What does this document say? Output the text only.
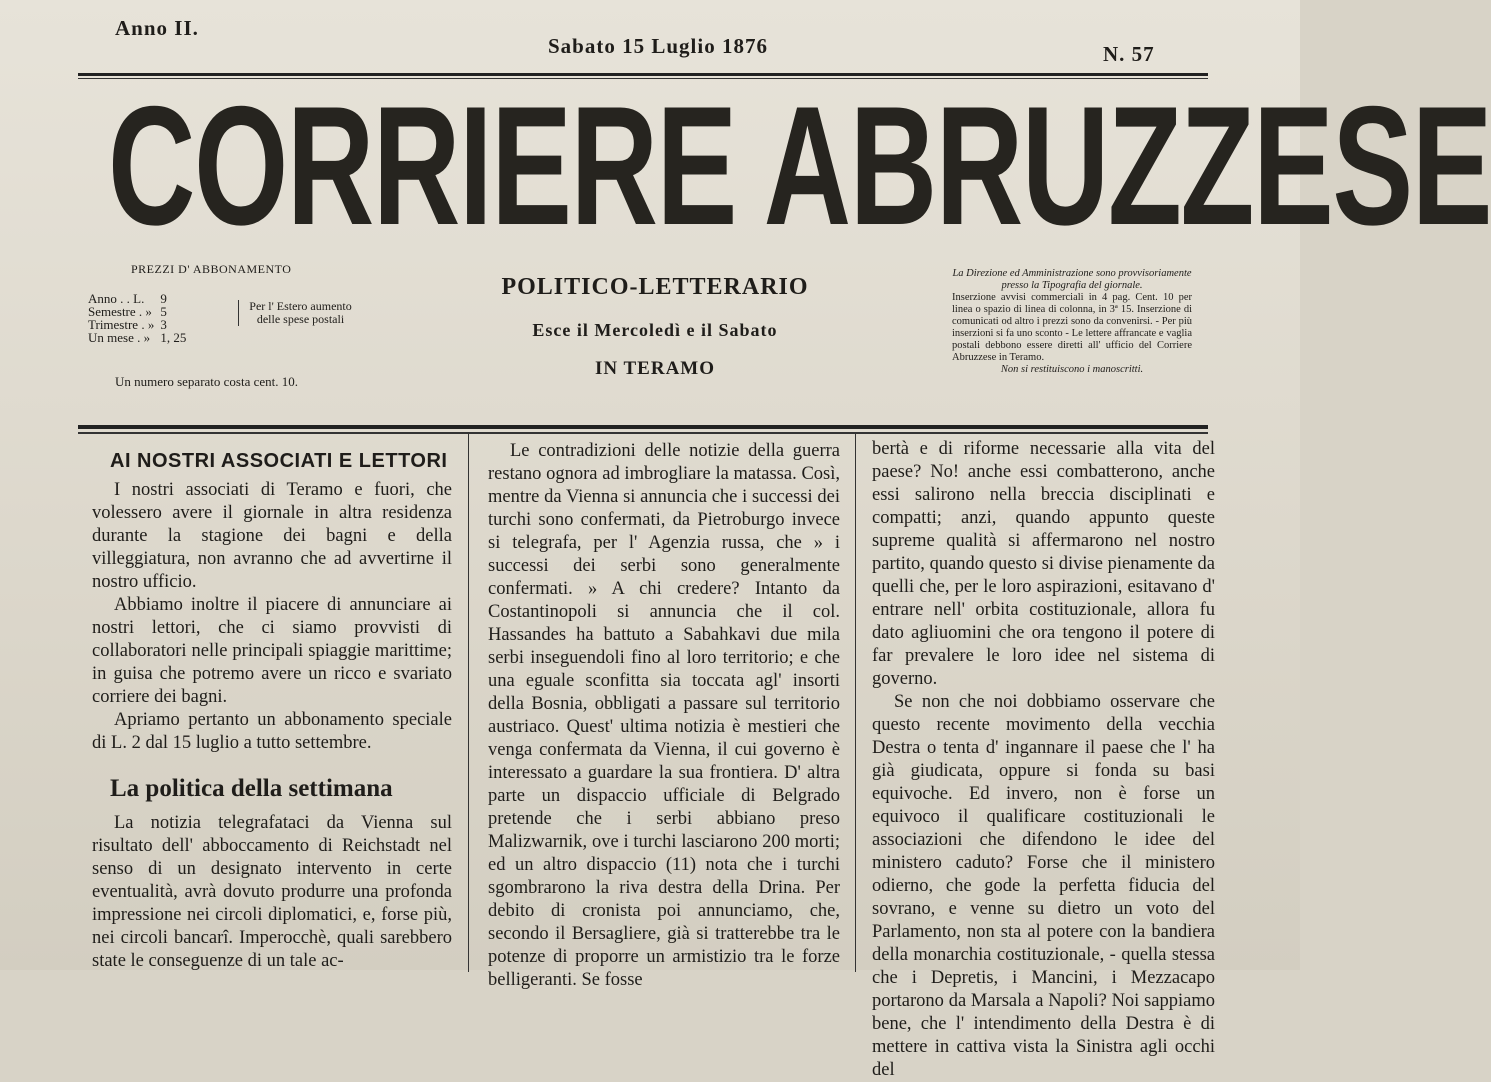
Anno II.
Sabato 15 Luglio 1876	N. 57
CORRIERE ABRUZZESE
POLITICO-LETTERARIO
Esce il Mercoledì e il Sabato
IN TERAMO
PREZZI D' ABBONAMENTO
Anno . . L.	9
Semestre . »	5
Trimestre . »	3
Un mese . »	1, 25
Per l' Estero aumento delle spese postali
Un numero separato costa cent. 10.
La Direzione ed Amministrazione sono provvisoriamente presso la Tipografia del giornale.
Inserzione avvisi commerciali in 4 pag. Cent. 10 per linea o spazio di linea di colonna, in 3ª 15. Inserzione di comunicati od altro i prezzi sono da convenirsi. - Per più inserzioni si fa uno sconto - Le lettere affrancate e vaglia postali debbono essere diretti all' ufficio del Corriere Abruzzese in Teramo.
Non si restituiscono i manoscritti.
AI NOSTRI ASSOCIATI E LETTORI

I nostri associati di Teramo e fuori, che volessero avere il giornale in altra residenza durante la stagione dei bagni e della villeggiatura, non avranno che ad avvertirne il nostro ufficio.

Abbiamo inoltre il piacere di annunciare ai nostri lettori, che ci siamo provvisti di collaboratori nelle principali spiaggie marittime; in guisa che potremo avere un ricco e svariato corriere dei bagni.

Apriamo pertanto un abbonamento speciale di L. 2 dal 15 luglio a tutto settembre.

La politica della settimana

La notizia telegrafataci da Vienna sul risultato dell' abboccamento di Reichstadt nel senso di un designato intervento in certe eventualità, avrà dovuto produrre una profonda impressione nei circoli diplomatici, e, forse più, nei circoli bancarî. Imperocchè, quali sarebbero state le conseguenze di un tale ac-

Le contradizioni delle notizie della guerra restano ognora ad imbrogliare la matassa. Così, mentre da Vienna si annuncia che i successi dei turchi sono confermati, da Pietroburgo invece si telegrafa, per l' Agenzia russa, che » i successi dei serbi sono generalmente confermati. » A chi credere? Intanto da Costantinopoli si annuncia che il col. Hassandes ha battuto a Sabahkavi due mila serbi inseguendoli fino al loro territorio; e che una eguale sconfitta sia toccata agl' insorti della Bosnia, obbligati a passare sul territorio austriaco. Quest' ultima notizia è mestieri che venga confermata da Vienna, il cui governo è interessato a guardare la sua frontiera. D' altra parte un dispaccio ufficiale di Belgrado pretende che i serbi abbiano preso Malizwarnik, ove i turchi lasciarono 200 morti; ed un altro dispaccio (11) nota che i turchi sgombrarono la riva destra della Drina. Per debito di cronista poi annunciamo, che, secondo il Bersagliere, già si tratterebbe tra le potenze di proporre un armistizio tra le forze belligeranti. Se fosse

bertà e di riforme necessarie alla vita del paese? No! anche essi combatterono, anche essi salirono nella breccia disciplinati e compatti; anzi, quando appunto queste supreme qualità si affermarono nel nostro partito, quando questo si divise pienamente da quelli che, per le loro aspirazioni, esitavano d' entrare nell' orbita costituzionale, allora fu dato agliuomini che ora tengono il potere di far prevalere le loro idee nel sistema di governo.

Se non che noi dobbiamo osservare che questo recente movimento della vecchia Destra o tenta d' ingannare il paese che l' ha già giudicata, oppure si fonda su basi equivoche. Ed invero, non è forse un equivoco il qualificare costituzionali le associazioni che difendono le idee del ministero caduto? Forse che il ministero odierno, che gode la perfetta fiducia del sovrano, e venne su dietro un voto del Parlamento, non sta al potere con la bandiera della monarchia costituzionale, - quella stessa che i Depretis, i Mancini, i Mezzacapo portarono da Marsala a Napoli? Noi sappiamo bene, che l' intendimento della Destra è di mettere in cattiva vista la Sinistra agli occhi del
